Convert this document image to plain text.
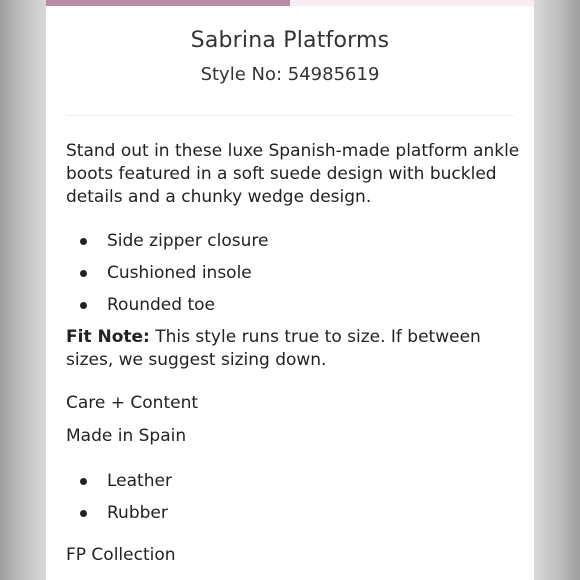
Sabrina Platforms
Style No: 54985619
Stand out in these luxe Spanish-made platform ankle boots featured in a soft suede design with buckled details and a chunky wedge design.
Side zipper closure
Cushioned insole
Rounded toe
Fit Note: This style runs true to size. If between sizes, we suggest sizing down.
Care + Content
Made in Spain
Leather
Rubber
FP Collection
